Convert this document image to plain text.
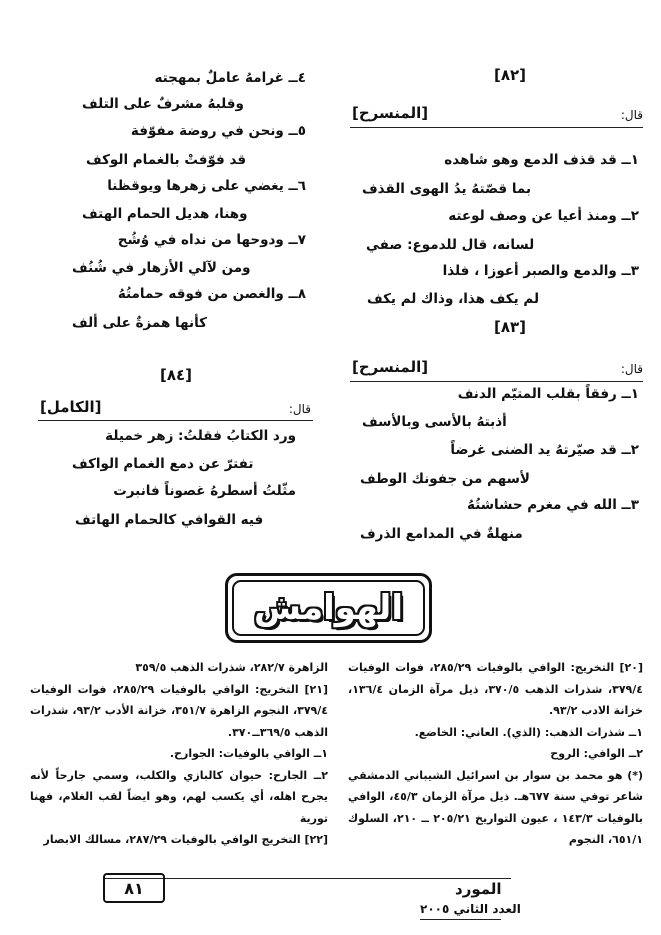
[٨٢]
قال:
[المنسرح]
١ــ قد قذف الدمع وهو شاهده
بما قصّتهُ يدُ الهوى القذف
٢ــ ومنذ أعيا عن وصف لوعته
لسانه، قال للدموع: صفي
٣ــ والدمع والصبر أعوزا ، فلذا
لم يكف هذا، وذاك لم يكف
[٨٣]
قال:
[المنسرح]
١ــ رفقاً بقلب المتيّم الدنف
أذبتهُ بالأسى وبالأسف
٢ــ قد صيّرتهُ يد الضنى غرضاً
لأسهم من جفونك الوطف
٣ــ الله في مغرم حشاشتُهُ
منهلةٌ في المدامع الذرف
٤ــ غرامهُ عاملٌ بمهجته
وقلبهُ مشرفٌ على التلف
٥ــ ونحن في روضة مفوّفة
قد فوّفتْ بالغمام الوكف
٦ــ يغضي على زهرها ويوقظنا
وهنا، هديل الحمام الهتف
٧ــ ودوحها من نداه في وُشُح
ومن لآلي الأزهار في شُنُف
٨ــ والغصن من فوقه حمامتُهُ
كأنها همزةٌ على ألف
[٨٤]
قال:
[الكامل]
ورد الكتابُ فقلتُ: زهر خميلة
تفترّ عن دمع الغمام الواكف
مثّلتُ أسطرهُ غصوناً فانبرت
فيه القوافي كالحمام الهاتف
الهوامش

[٢٠] التخريج: الوافي بالوفيات ٢٨٥/٢٩، فوات الوفيات ٣٧٩/٤، شذرات الذهب ٣٧٠/٥، ذيل مرآة الزمان ١٣٦/٤، خزانة الادب ٩٣/٢.

١ــ شذرات الذهب: (الذي). العاني: الخاضع.

٢ــ الوافي: الروح

(*) هو محمد بن سوار بن اسرائيل الشيباني الدمشقي شاعر توفي سنة ٦٧٧هـ. ذيل مرآة الزمان ٤٥/٣، الوافي بالوفيات ١٤٣/٣ ، عيون التواريخ ٢٠٥/٢١ ــ ٢١٠، السلوك ٦٥١/١، النجوم

الزاهرة ٢٨٢/٧، شذرات الذهب ٣٥٩/٥

[٢١] التخريج: الوافي بالوفيات ٢٨٥/٢٩، فوات الوفيات ٣٧٩/٤، النجوم الزاهرة ٣٥١/٧، خزانة الأدب ٩٣/٢، شذرات الذهب ٣٦٩/٥ــ٣٧٠.

١ــ الوافي بالوفيات: الجوارح.

٢ــ الجارح: حيوان كالبازي والكلب، وسمي جارحاً لأنه يجرح اهله، أي يكسب لهم، وهو ايضاً لقب الغلام، فهنا تورية

[٢٢] التخريج الوافي بالوفيات ٢٨٧/٢٩، مسالك الابصار

٨١	المورد
العدد الثاني ٢٠٠٥
